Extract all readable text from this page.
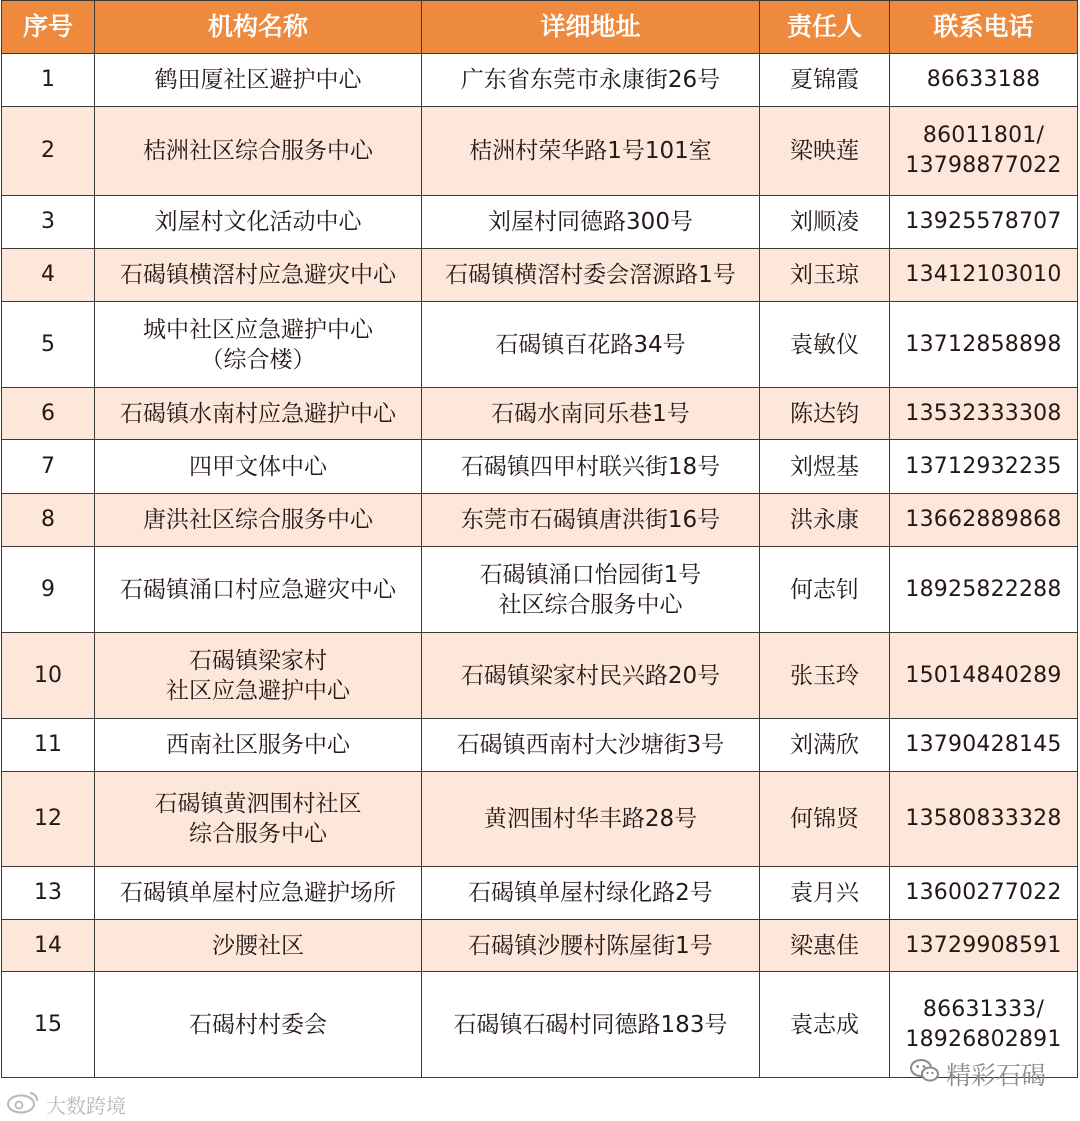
序号	机构名称	详细地址	责任人	联系电话
1	鹤田厦社区避护中心	广东省东莞市永康街26号	夏锦霞	86633188

2	桔洲社区综合服务中心	桔洲村荣华路1号101室	梁映莲	86011801/
13798877022

3	刘屋村文化活动中心	刘屋村同德路300号	刘顺凌	13925578707

4	石碣镇横滘村应急避灾中心	石碣镇横滘村委会滘源路1号	刘玉琼	13412103010

5	城中社区应急避护中心
（综合楼）	石碣镇百花路34号	袁敏仪	13712858898

6	石碣镇水南村应急避护中心	石碣水南同乐巷1号	陈达钧	13532333308

7	四甲文体中心	石碣镇四甲村联兴街18号	刘煜基	13712932235

8	唐洪社区综合服务中心	东莞市石碣镇唐洪街16号	洪永康	13662889868

9	石碣镇涌口村应急避灾中心	石碣镇涌口怡园街1号
社区综合服务中心	何志钊	18925822288

10	石碣镇梁家村
社区应急避护中心	石碣镇梁家村民兴路20号	张玉玲	15014840289

11	西南社区服务中心	石碣镇西南村大沙塘街3号	刘满欣	13790428145

12	石碣镇黄泗围村社区
综合服务中心	黄泗围村华丰路28号	何锦贤	13580833328

13	石碣镇单屋村应急避护场所	石碣镇单屋村绿化路2号	袁月兴	13600277022

14	沙腰社区	石碣镇沙腰村陈屋街1号	梁惠佳	13729908591

15	石碣村村委会	石碣镇石碣村同德路183号	袁志成	86631333/
18926802891
精彩石碣
大数跨境
